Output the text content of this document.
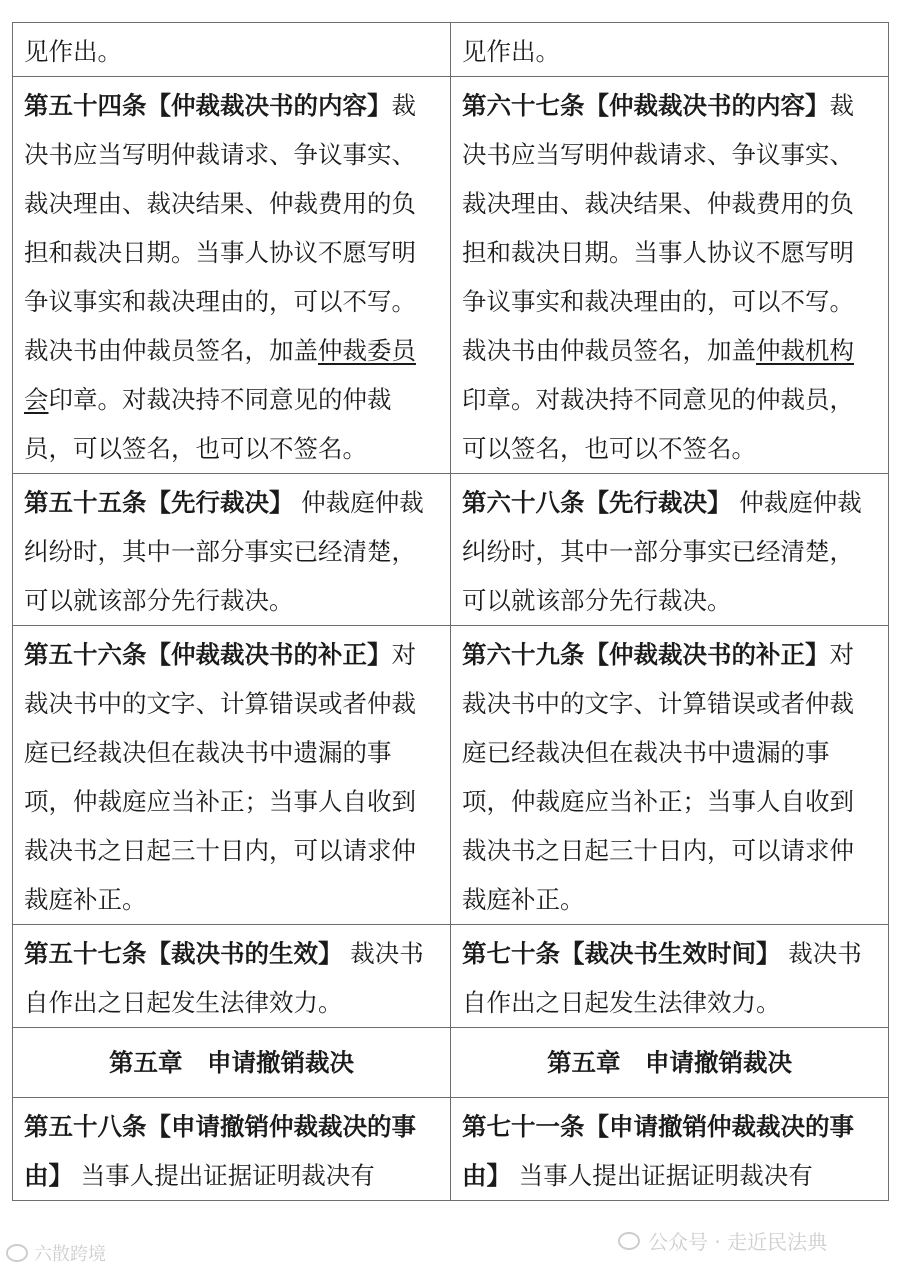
见作出。	见作出。
第五十四条【仲裁裁决书的内容】裁决书应当写明仲裁请求、争议事实、裁决理由、裁决结果、仲裁费用的负担和裁决日期。当事人协议不愿写明争议事实和裁决理由的，可以不写。裁决书由仲裁员签名，加盖仲裁委员会印章。对裁决持不同意见的仲裁员，可以签名，也可以不签名。	第六十七条【仲裁裁决书的内容】裁决书应当写明仲裁请求、争议事实、裁决理由、裁决结果、仲裁费用的负担和裁决日期。当事人协议不愿写明争议事实和裁决理由的，可以不写。裁决书由仲裁员签名，加盖仲裁机构印章。对裁决持不同意见的仲裁员，可以签名，也可以不签名。
第五十五条【先行裁决】 仲裁庭仲裁纠纷时，其中一部分事实已经清楚，可以就该部分先行裁决。	第六十八条【先行裁决】 仲裁庭仲裁纠纷时，其中一部分事实已经清楚，可以就该部分先行裁决。
第五十六条【仲裁裁决书的补正】对裁决书中的文字、计算错误或者仲裁庭已经裁决但在裁决书中遗漏的事项，仲裁庭应当补正；当事人自收到裁决书之日起三十日内，可以请求仲裁庭补正。	第六十九条【仲裁裁决书的补正】对裁决书中的文字、计算错误或者仲裁庭已经裁决但在裁决书中遗漏的事项，仲裁庭应当补正；当事人自收到裁决书之日起三十日内，可以请求仲裁庭补正。
第五十七条【裁决书的生效】 裁决书自作出之日起发生法律效力。	第七十条【裁决书生效时间】 裁决书自作出之日起发生法律效力。
第五章　申请撤销裁决	第五章　申请撤销裁决
第五十八条【申请撤销仲裁裁决的事由】 当事人提出证据证明裁决有	第七十一条【申请撤销仲裁裁决的事由】 当事人提出证据证明裁决有
六散跨境
公众号 · 走近民法典
